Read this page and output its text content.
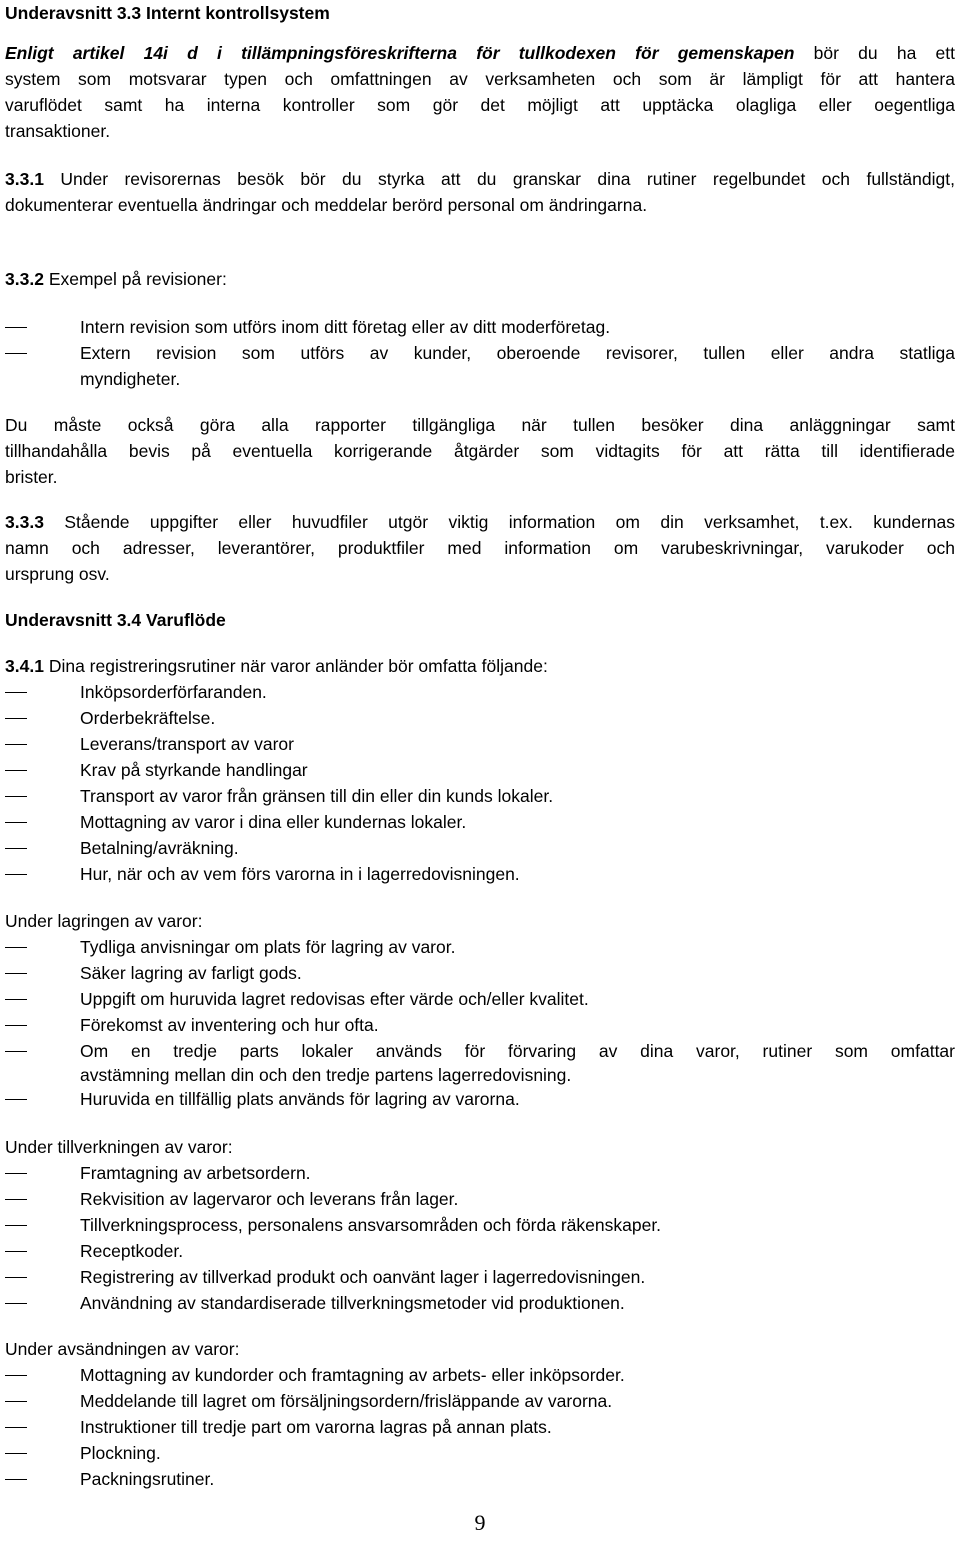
Underavsnitt 3.3 Internt kontrollsystem
Enligt artikel 14i d i tillämpningsföreskrifterna för tullkodexen för gemenskapen bör du ha ett
system som motsvarar typen och omfattningen av verksamheten och som är lämpligt för att hantera
varuflödet samt ha interna kontroller som gör det möjligt att upptäcka olagliga eller oegentliga
transaktioner.
3.3.1 Under revisorernas besök bör du styrka att du granskar dina rutiner regelbundet och fullständigt,
dokumenterar eventuella ändringar och meddelar berörd personal om ändringarna.
3.3.2 Exempel på revisioner:
Intern revision som utförs inom ditt företag eller av ditt moderföretag.
Extern revision som utförs av kunder, oberoende revisorer, tullen eller andra statliga
myndigheter.
Du måste också göra alla rapporter tillgängliga när tullen besöker dina anläggningar samt
tillhandahålla bevis på eventuella korrigerande åtgärder som vidtagits för att rätta till identifierade
brister.
3.3.3 Stående uppgifter eller huvudfiler utgör viktig information om din verksamhet, t.ex. kundernas
namn och adresser, leverantörer, produktfiler med information om varubeskrivningar, varukoder och
ursprung osv.
Underavsnitt 3.4 Varuflöde
3.4.1 Dina registreringsrutiner när varor anländer bör omfatta följande:
Inköpsorderförfaranden.
Orderbekräftelse.
Leverans/transport av varor
Krav på styrkande handlingar
Transport av varor från gränsen till din eller din kunds lokaler.
Mottagning av varor i dina eller kundernas lokaler.
Betalning/avräkning.
Hur, när och av vem förs varorna in i lagerredovisningen.
Under lagringen av varor:
Tydliga anvisningar om plats för lagring av varor.
Säker lagring av farligt gods.
Uppgift om huruvida lagret redovisas efter värde och/eller kvalitet.
Förekomst av inventering och hur ofta.
Om en tredje parts lokaler används för förvaring av dina varor, rutiner som omfattar
avstämning mellan din och den tredje partens lagerredovisning.
Huruvida en tillfällig plats används för lagring av varorna.
Under tillverkningen av varor:
Framtagning av arbetsordern.
Rekvisition av lagervaror och leverans från lager.
Tillverkningsprocess, personalens ansvarsområden och förda räkenskaper.
Receptkoder.
Registrering av tillverkad produkt och oanvänt lager i lagerredovisningen.
Användning av standardiserade tillverkningsmetoder vid produktionen.
Under avsändningen av varor:
Mottagning av kundorder och framtagning av arbets- eller inköpsorder.
Meddelande till lagret om försäljningsordern/frisläppande av varorna.
Instruktioner till tredje part om varorna lagras på annan plats.
Plockning.
Packningsrutiner.
9
